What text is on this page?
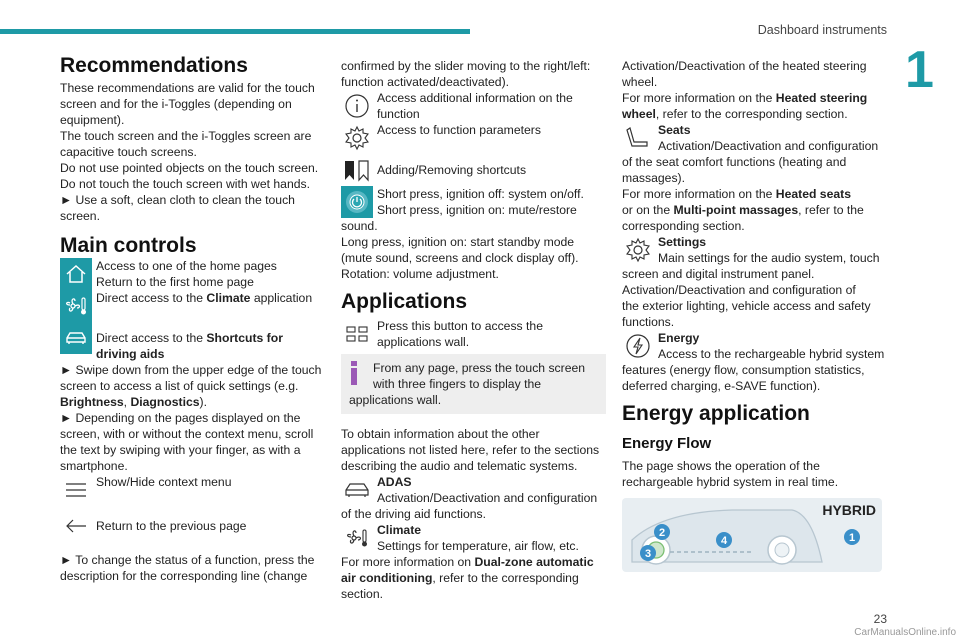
Dashboard instruments
1
Recommendations

These recommendations are valid for the touch

screen and for the i-Toggles (depending on

equipment).

The touch screen and the i-Toggles screen are

capacitive touch screens.

Do not use pointed objects on the touch screen.

Do not touch the touch screen with wet hands.

► Use a soft, clean cloth to clean the touch

screen.

Main controls

Access to one of the home pages

Return to the first home page

Direct access to the Climate application

Direct access to the Shortcuts for

driving aids

► Swipe down from the upper edge of the touch

screen to access a list of quick settings (e.g.

Brightness, Diagnostics).

► Depending on the pages displayed on the

screen, with or without the context menu, scroll

the text by swiping with your finger, as with a

smartphone.

Show/Hide context menu

Return to the previous page

► To change the status of a function, press the

description for the corresponding line (change

confirmed by the slider moving to the right/left:

function activated/deactivated).

Access additional information on the

function

Access to function parameters

Adding/Removing shortcuts

Short press, ignition off: system on/off.

Short press, ignition on: mute/restore

sound.

Long press, ignition on: start standby mode

(mute sound, screens and clock display off).

Rotation: volume adjustment.

Applications

Press this button to access the

applications wall.

From any page, press the touch screen

with three fingers to display the

applications wall.

To obtain information about the other

applications not listed here, refer to the sections

describing the audio and telematic systems.

ADAS

Activation/Deactivation and configuration

of the driving aid functions.

Climate

Settings for temperature, air flow, etc.

For more information on Dual-zone automatic

air conditioning, refer to the corresponding

section.

Activation/Deactivation of the heated steering

wheel.

For more information on the Heated steering

wheel, refer to the corresponding section.

Seats

Activation/Deactivation and configuration

of the seat comfort functions (heating and

massages).

For more information on the Heated seats

or on the Multi-point massages, refer to the

corresponding section.

Settings

Main settings for the audio system, touch

screen and digital instrument panel.

Activation/Deactivation and configuration of

the exterior lighting, vehicle access and safety

functions.

Energy

Access to the rechargeable hybrid system

features (energy flow, consumption statistics,

deferred charging, e-SAVE function).

Energy application
Energy Flow

The page shows the operation of the

rechargeable hybrid system in real time.

1
2
3
4
HYBRID
23
CarManualsOnline.info
